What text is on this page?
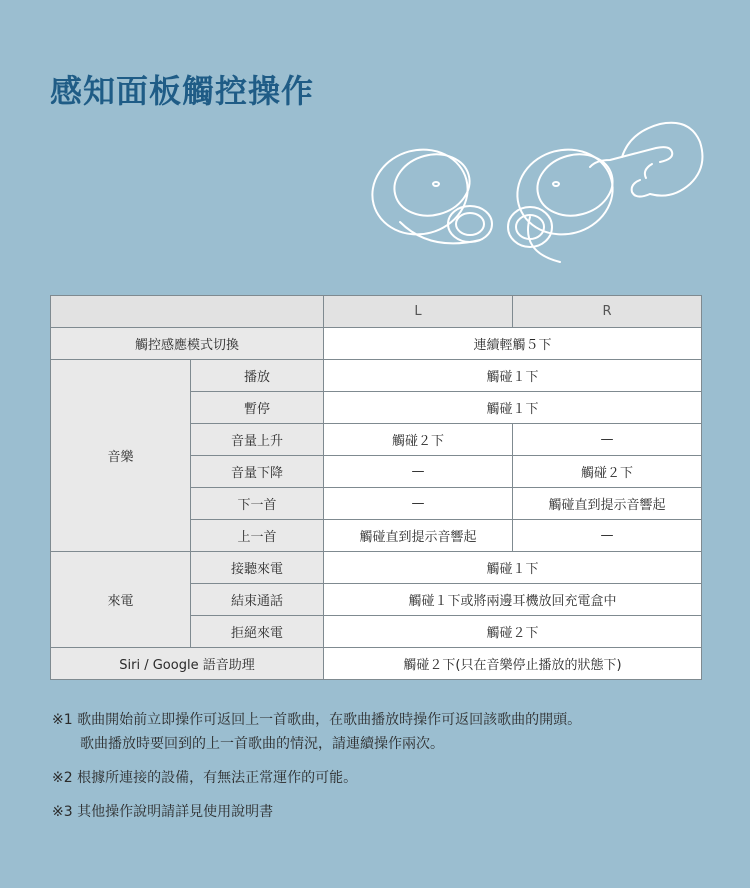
感知面板觸控操作
		L	R
觸控感應模式切換		連續輕觸５下	
音樂	播放	觸碰１下	
	暫停	觸碰１下	
	音量上升	觸碰２下	—
	音量下降	—	觸碰２下
	下一首	—	觸碰直到提示音響起
	上一首	觸碰直到提示音響起	—
來電	接聽來電	觸碰１下	
	結束通話	觸碰１下或將兩邊耳機放回充電盒中	
	拒絕來電	觸碰２下	
Siri / Google 語音助理		觸碰２下(只在音樂停止播放的狀態下)	

※1 歌曲開始前立即操作可返回上一首歌曲，在歌曲播放時操作可返回該歌曲的開頭。
歌曲播放時要回到的上一首歌曲的情況，請連續操作兩次。

※2 根據所連接的設備，有無法正常運作的可能。

※3 其他操作說明請詳見使用說明書
